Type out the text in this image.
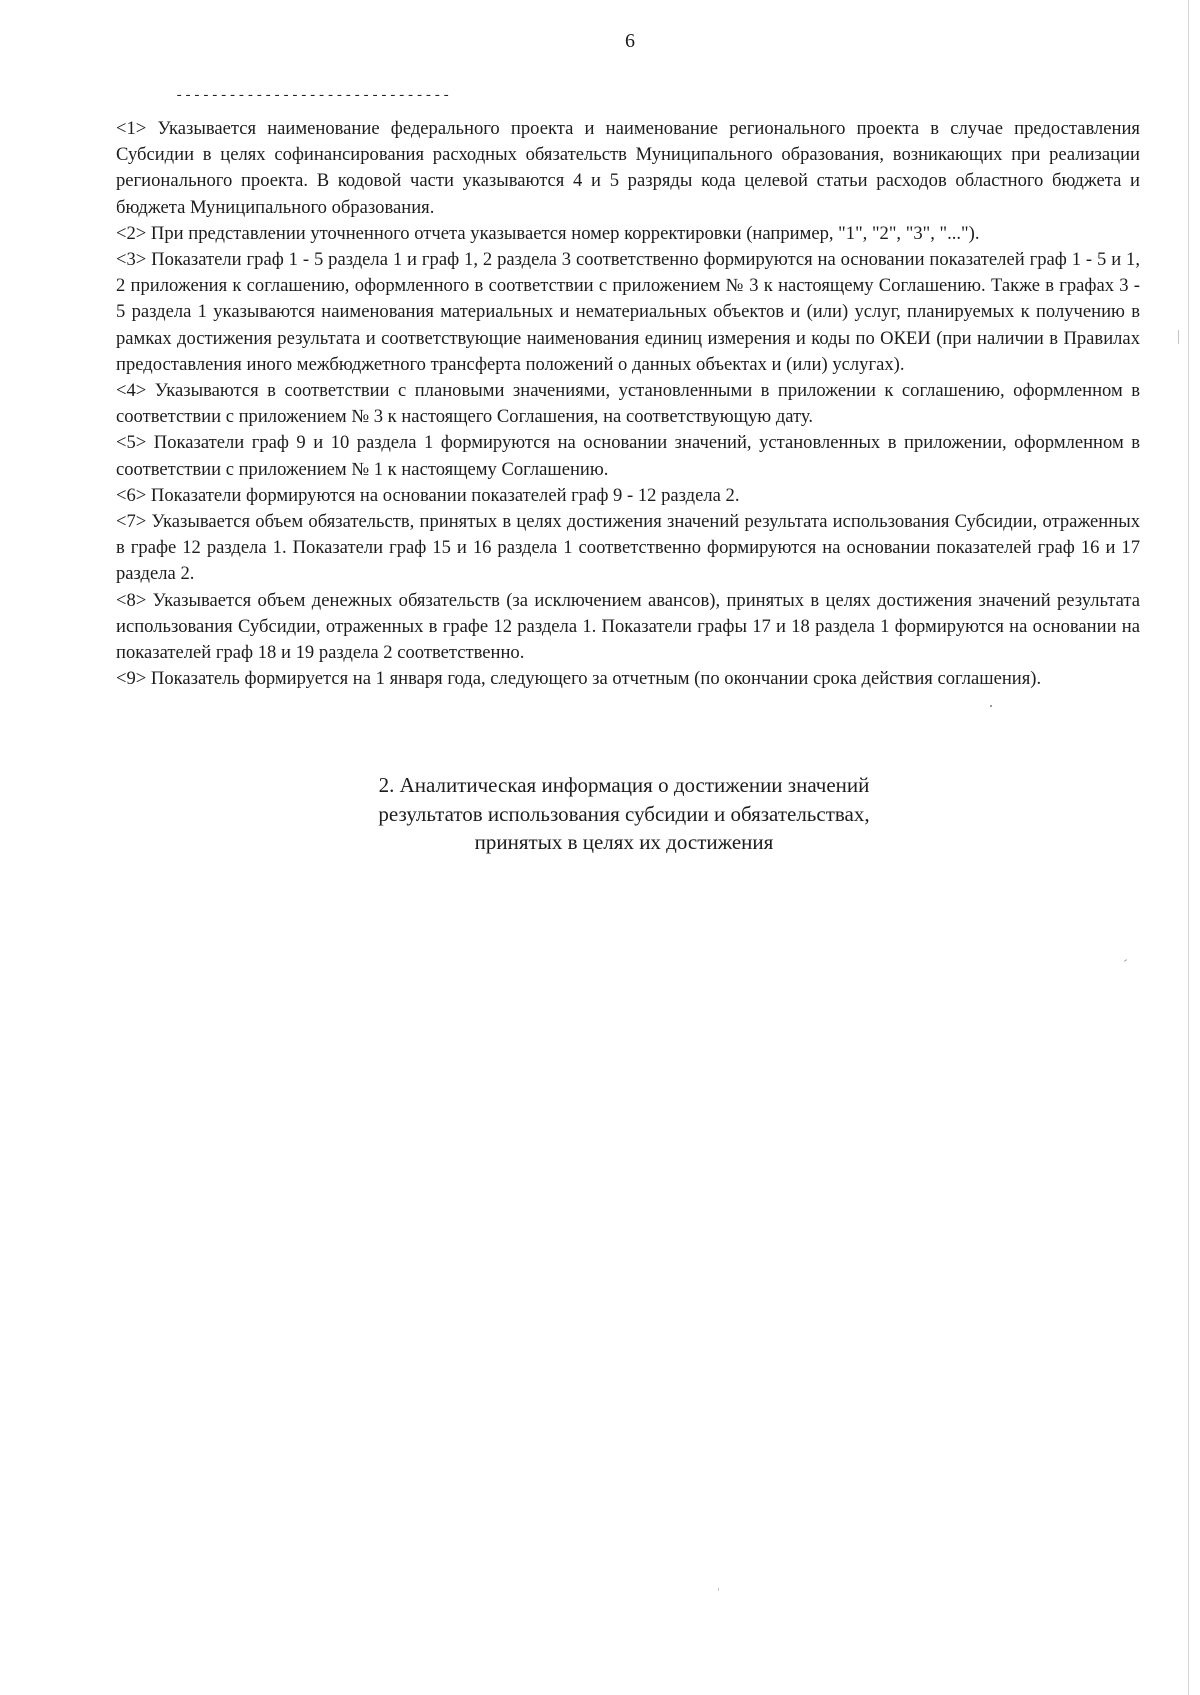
6
-------------------------------

<1> Указывается наименование федерального проекта и наименование регионального проекта в случае предоставления Субсидии в целях софинансирования расходных обязательств Муниципального образования, возникающих при реализации регионального проекта. В кодовой части указываются 4 и 5 разряды кода целевой статьи расходов областного бюджета и бюджета Муниципального образования.

<2> При представлении уточненного отчета указывается номер корректировки (например, "1", "2", "3", "...").

<3> Показатели граф 1 - 5 раздела 1 и граф 1, 2 раздела 3 соответственно формируются на основании показателей граф 1 - 5 и 1, 2 приложения к соглашению, оформленного в соответствии с приложением № 3 к настоящему Соглашению. Также в графах 3 - 5 раздела 1 указываются наименования материальных и нематериальных объектов и (или) услуг, планируемых к получению в рамках достижения результата и соответствующие наименования единиц измерения и коды по ОКЕИ (при наличии в Правилах предоставления иного межбюджетного трансферта положений о данных объектах и (или) услугах).

<4> Указываются в соответствии с плановыми значениями, установленными в приложении к соглашению, оформленном в соответствии с приложением № 3 к настоящего Соглашения, на соответствующую дату.

<5> Показатели граф 9 и 10 раздела 1 формируются на основании значений, установленных в приложении, оформленном в соответствии с приложением № 1 к настоящему Соглашению.

<6> Показатели формируются на основании показателей граф 9 - 12 раздела 2.

<7> Указывается объем обязательств, принятых в целях достижения значений результата использования Субсидии, отраженных в графе 12 раздела 1. Показатели граф 15 и 16 раздела 1 соответственно формируются на основании показателей граф 16 и 17 раздела 2.

<8> Указывается объем денежных обязательств (за исключением авансов), принятых в целях достижения значений результата использования Субсидии, отраженных в графе 12 раздела 1. Показатели графы 17 и 18 раздела 1 формируются на основании на показателей граф 18 и 19 раздела 2 соответственно.

<9> Показатель формируется на 1 января года, следующего за отчетным (по окончании срока действия соглашения).

2. Аналитическая информация о достижении значений
результатов использования субсидии и обязательствах,
принятых в целях их достижения
